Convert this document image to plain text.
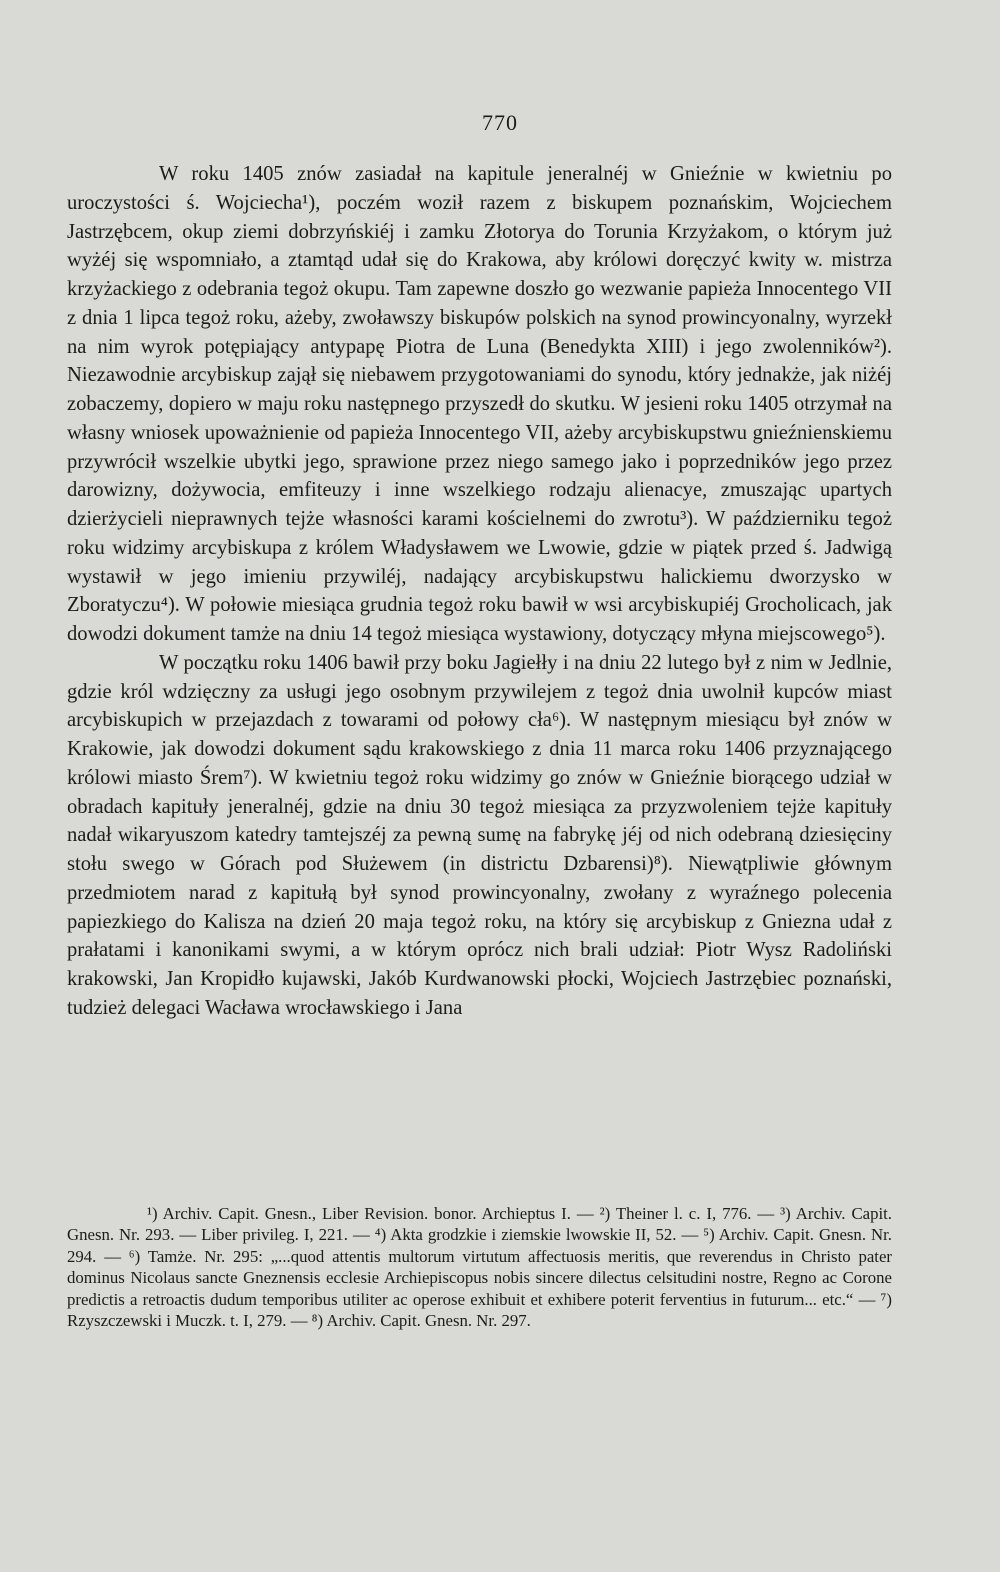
770

W roku 1405 znów zasiadał na kapitule jeneralnéj w Gnieźnie w kwietniu po uroczystości ś. Wojciecha¹), poczém woził razem z biskupem poznańskim, Wojciechem Jastrzębcem, okup ziemi dobrzyńskiéj i zamku Złotorya do Torunia Krzyżakom, o którym już wyżéj się wspomniało, a ztamtąd udał się do Krakowa, aby królowi doręczyć kwity w. mistrza krzyżackiego z odebrania tegoż okupu. Tam zapewne doszło go wezwanie papieża Innocentego VII z dnia 1 lipca tegoż roku, ażeby, zwoławszy biskupów polskich na synod prowincyonalny, wyrzekł na nim wyrok potępiający antypapę Piotra de Luna (Benedykta XIII) i jego zwolenników²). Niezawodnie arcybiskup zajął się niebawem przygotowaniami do synodu, który jednakże, jak niżéj zobaczemy, dopiero w maju roku następnego przyszedł do skutku. W jesieni roku 1405 otrzymał na własny wniosek upoważnienie od papieża Innocentego VII, ażeby arcybiskupstwu gnieźnienskiemu przywrócił wszelkie ubytki jego, sprawione przez niego samego jako i poprzedników jego przez darowizny, dożywocia, emfiteuzy i inne wszelkiego rodzaju alienacye, zmuszając upartych dzierżycieli nieprawnych tejże własności karami kościelnemi do zwrotu³). W październiku tegoż roku widzimy arcybiskupa z królem Władysławem we Lwowie, gdzie w piątek przed ś. Jadwigą wystawił w jego imieniu przywiléj, nadający arcybiskupstwu halickiemu dworzysko w Zboratyczu⁴). W połowie miesiąca grudnia tegoż roku bawił w wsi arcybiskupiéj Grocholicach, jak dowodzi dokument tamże na dniu 14 tegoż miesiąca wystawiony, dotyczący młyna miejscowego⁵).

W początku roku 1406 bawił przy boku Jagiełły i na dniu 22 lutego był z nim w Jedlnie, gdzie król wdzięczny za usługi jego osobnym przywilejem z tegoż dnia uwolnił kupców miast arcybiskupich w przejazdach z towarami od połowy cła⁶). W następnym miesiącu był znów w Krakowie, jak dowodzi dokument sądu krakowskiego z dnia 11 marca roku 1406 przyznającego królowi miasto Śrem⁷). W kwietniu tegoż roku widzimy go znów w Gnieźnie biorącego udział w obradach kapituły jeneralnéj, gdzie na dniu 30 tegoż miesiąca za przyzwoleniem tejże kapituły nadał wikaryuszom katedry tamtejszéj za pewną sumę na fabrykę jéj od nich odebraną dziesięciny stołu swego w Górach pod Służewem (in districtu Dzbarensi)⁸). Niewątpliwie głównym przedmiotem narad z kapitułą był synod prowincyonalny, zwołany z wyraźnego polecenia papiezkiego do Kalisza na dzień 20 maja tegoż roku, na który się arcybiskup z Gniezna udał z prałatami i kanonikami swymi, a w którym oprócz nich brali udział: Piotr Wysz Radoliński krakowski, Jan Kropidło kujawski, Jakób Kurdwanowski płocki, Wojciech Jastrzębiec poznański, tudzież delegaci Wacława wrocławskiego i Jana

¹) Archiv. Capit. Gnesn., Liber Revision. bonor. Archieptus I. — ²) Theiner l. c. I, 776. — ³) Archiv. Capit. Gnesn. Nr. 293. — Liber privileg. I, 221. — ⁴) Akta grodzkie i ziemskie lwowskie II, 52. — ⁵) Archiv. Capit. Gnesn. Nr. 294. — ⁶) Tamże. Nr. 295: „...quod attentis multorum virtutum affectuosis meritis, que reverendus in Christo pater dominus Nicolaus sancte Gneznensis ecclesie Archiepiscopus nobis sincere dilectus celsitudini nostre, Regno ac Corone predictis a retroactis dudum temporibus utiliter ac operose exhibuit et exhibere poterit ferventius in futurum... etc.“ — ⁷) Rzyszczewski i Muczk. t. I, 279. — ⁸) Archiv. Capit. Gnesn. Nr. 297.
